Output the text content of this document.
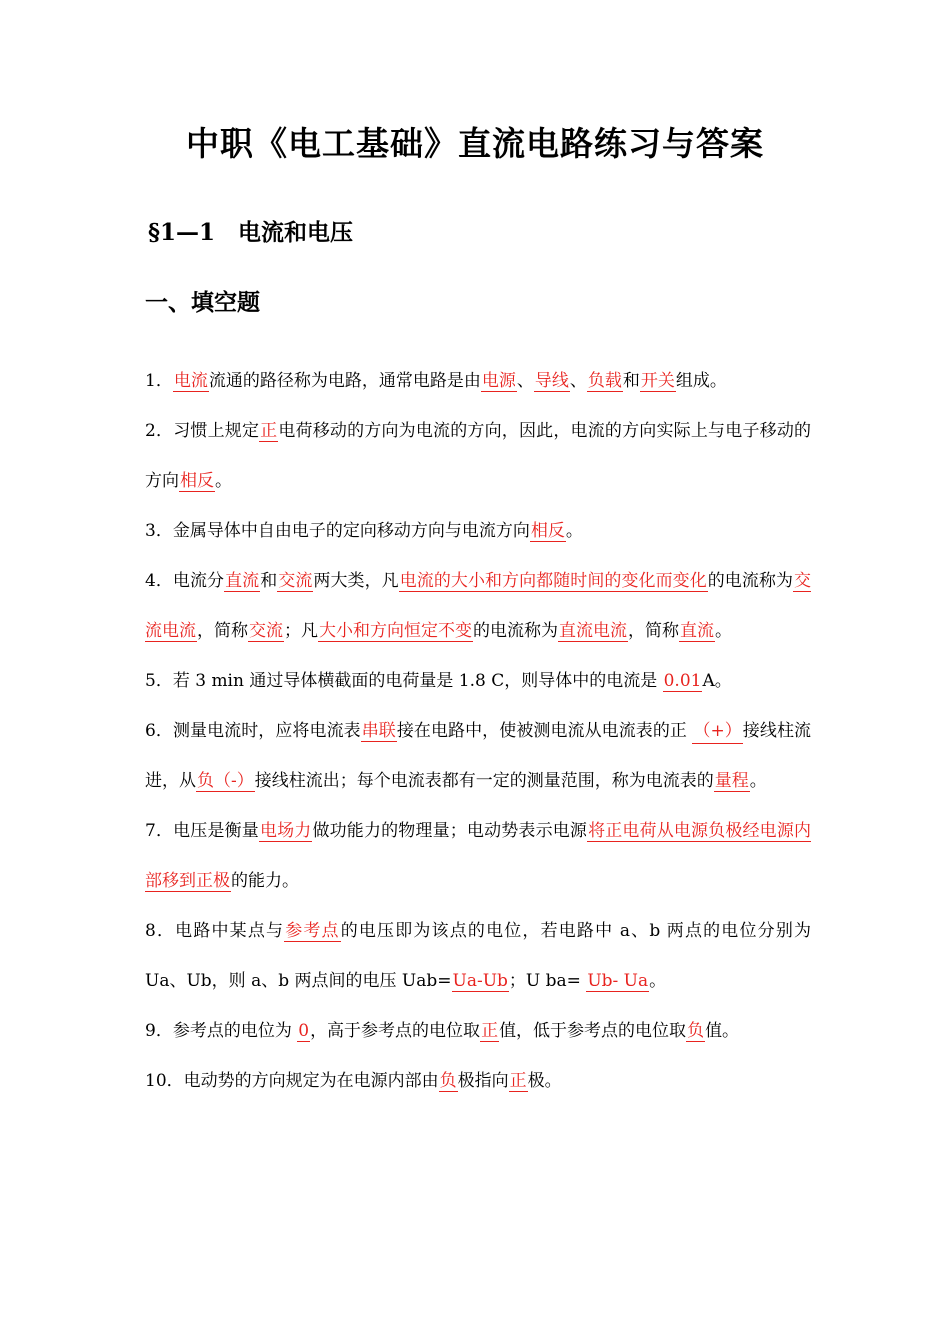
中职《电工基础》直流电路练习与答案
§1—1　电流和电压
一、填空题

1．电流流通的路径称为电路，通常电路是由电源、导线、负载和开关组成。

2．习惯上规定正电荷移动的方向为电流的方向，因此，电流的方向实际上与电子移动的方向相反。

3．金属导体中自由电子的定向移动方向与电流方向相反。

4．电流分直流和交流两大类，凡电流的大小和方向都随时间的变化而变化的电流称为交流电流，简称交流；凡大小和方向恒定不变的电流称为直流电流，简称直流。

5．若 3 min 通过导体横截面的电荷量是 1.8 C，则导体中的电流是 0.01A。

6．测量电流时，应将电流表串联接在电路中，使被测电流从电流表的正 （+）接线柱流进，从负（-）接线柱流出；每个电流表都有一定的测量范围，称为电流表的量程。

7．电压是衡量电场力做功能力的物理量；电动势表示电源将正电荷从电源负极经电源内部移到正极的能力。

8．电路中某点与参考点的电压即为该点的电位，若电路中 a、b 两点的电位分别为 Ua、Ub，则 a、b 两点间的电压 Uab=Ua-Ub；U ba= Ub- Ua。

9．参考点的电位为 0，高于参考点的电位取正值，低于参考点的电位取负值。

10．电动势的方向规定为在电源内部由负极指向正极。
